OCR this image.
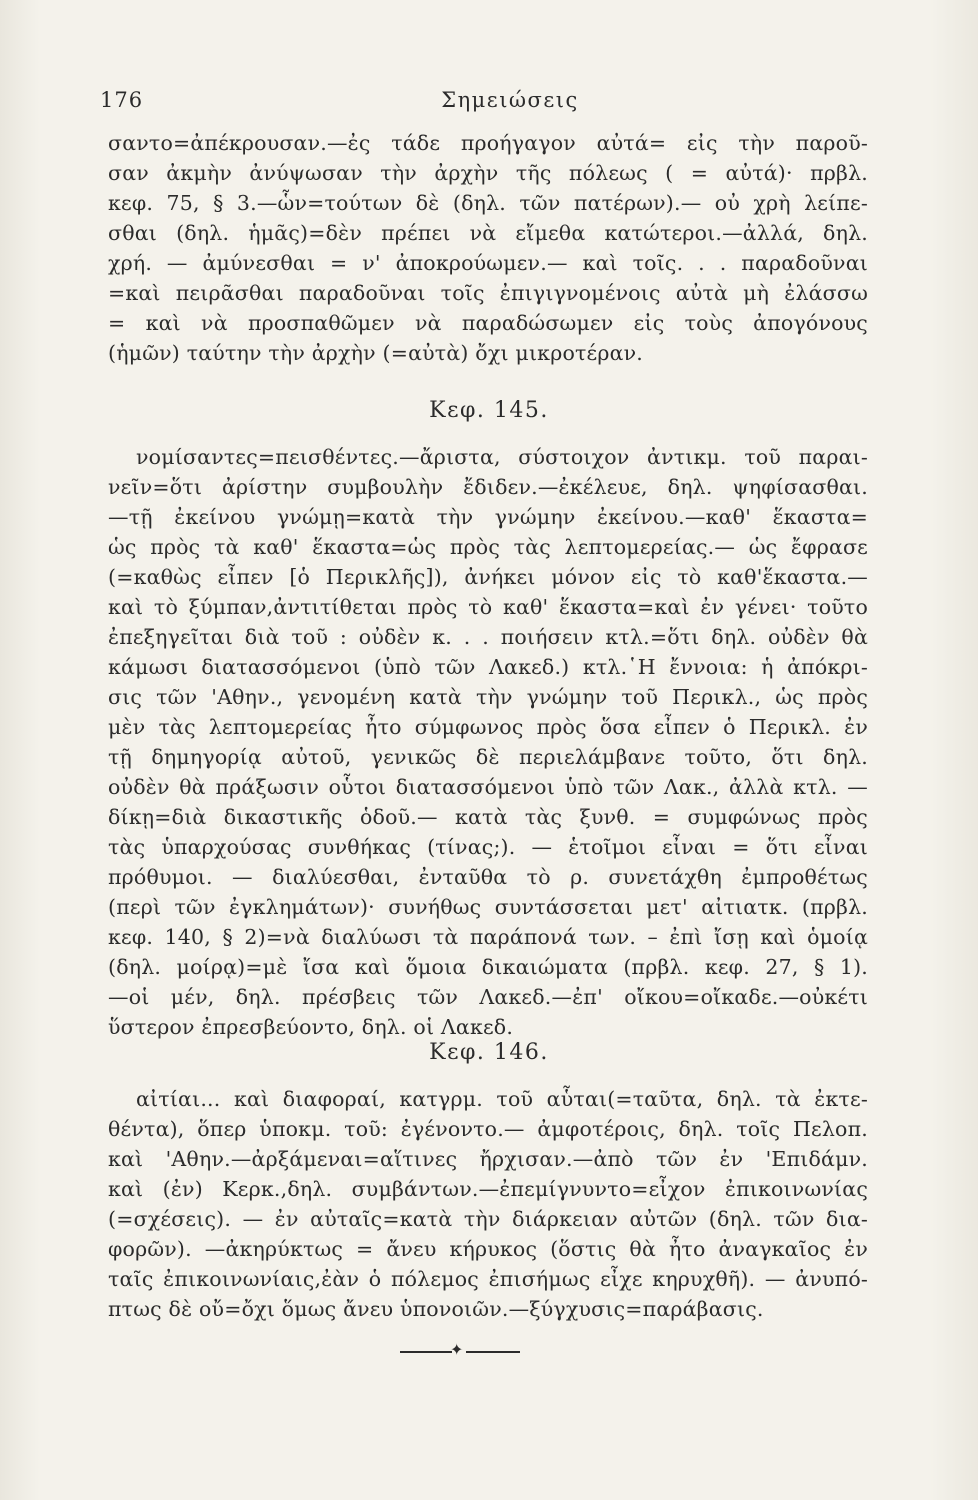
176	Σημειώσεις
σαντο=ἀπέκρουσαν.—ἐς τάδε προήγαγον αὐτά= εἰς τὴν παροῦ-
σαν ἀκμὴν ἀνύψωσαν τὴν ἀρχὴν τῆς πόλεως ( = αὐτά)· πρβλ.
κεφ. 75, § 3.—ὧν=τούτων δὲ (δηλ. τῶν πατέρων).— οὐ χρὴ λείπε-
σθαι (δηλ. ἡμᾶς)=δὲν πρέπει νὰ εἴμεθα κατώτεροι.—ἀλλά, δηλ.
χρή. — ἀμύνεσθαι = ν' ἀποκρούωμεν.— καὶ τοῖς. . . παραδοῦναι
=καὶ πειρᾶσθαι παραδοῦναι τοῖς ἐπιγιγνομένοις αὐτὰ μὴ ἐλάσσω
= καὶ νὰ προσπαθῶμεν νὰ παραδώσωμεν εἰς τοὺς ἀπογόνους
(ἡμῶν) ταύτην τὴν ἀρχὴν (=αὐτὰ) ὄχι μικροτέραν.
Κεφ. 145.
νομίσαντες=πεισθέντες.—ἄριστα, σύστοιχον ἀντικμ. τοῦ παραι-
νεῖν=ὅτι ἀρίστην συμβουλὴν ἔδιδεν.—ἐκέλευε, δηλ. ψηφίσασθαι.
—τῇ ἐκείνου γνώμῃ=κατὰ τὴν γνώμην ἐκείνου.—καθ' ἕκαστα=
ὡς πρὸς τὰ καθ' ἕκαστα=ὡς πρὸς τὰς λεπτομερείας.— ὡς ἔφρασε
(=καθὼς εἶπεν [ὁ Περικλῆς]), ἀνήκει μόνον εἰς τὸ καθ'ἕκαστα.—
καὶ τὸ ξύμπαν,ἀντιτίθεται πρὸς τὸ καθ' ἕκαστα=καὶ ἐν γένει· τοῦτο
ἐπεξηγεῖται διὰ τοῦ : οὐδὲν κ. . . ποιήσειν κτλ.=ὅτι δηλ. οὐδὲν θὰ
κάμωσι διατασσόμενοι (ὑπὸ τῶν Λακεδ.) κτλ.῾Η ἔννοια: ἡ ἀπόκρι-
σις τῶν 'Αθην., γενομένη κατὰ τὴν γνώμην τοῦ Περικλ., ὡς πρὸς
μὲν τὰς λεπτομερείας ἦτο σύμφωνος πρὸς ὅσα εἶπεν ὁ Περικλ. ἐν
τῇ δημηγορίᾳ αὐτοῦ, γενικῶς δὲ περιελάμβανε τοῦτο, ὅτι δηλ.
οὐδὲν θὰ πράξωσιν οὗτοι διατασσόμενοι ὑπὸ τῶν Λακ., ἀλλὰ κτλ. —
δίκῃ=διὰ δικαστικῆς ὁδοῦ.— κατὰ τὰς ξυνθ. = συμφώνως πρὸς
τὰς ὑπαρχούσας συνθήκας (τίνας;). — ἑτοῖμοι εἶναι = ὅτι εἶναι
πρόθυμοι. — διαλύεσθαι, ἐνταῦθα τὸ ρ. συνετάχθη ἐμπροθέτως
(περὶ τῶν ἐγκλημάτων)· συνήθως συντάσσεται μετ' αἰτιατκ. (πρβλ.
κεφ. 140, § 2)=νὰ διαλύωσι τὰ παράπονά των. – ἐπὶ ἴσῃ καὶ ὁμοίᾳ
(δηλ. μοίρᾳ)=μὲ ἴσα καὶ ὅμοια δικαιώματα (πρβλ. κεφ. 27, § 1).
—οἱ μέν, δηλ. πρέσβεις τῶν Λακεδ.—ἐπ' οἴκου=οἴκαδε.—οὐκέτι
ὕστερον ἐπρεσβεύοντο, δηλ. οἱ Λακεδ.
Κεφ. 146.
αἰτίαι... καὶ διαφοραί, κατγρμ. τοῦ αὗται(=ταῦτα, δηλ. τὰ ἐκτε-
θέντα), ὅπερ ὑποκμ. τοῦ: ἐγένοντο.— ἀμφοτέροις, δηλ. τοῖς Πελοπ.
καὶ 'Αθην.—ἀρξάμεναι=αἵτινες ἤρχισαν.—ἀπὸ τῶν ἐν 'Επιδάμν.
καὶ (ἐν) Κερκ.,δηλ. συμβάντων.—ἐπεμίγνυντο=εἶχον ἐπικοινωνίας
(=σχέσεις). — ἐν αὐταῖς=κατὰ τὴν διάρκειαν αὐτῶν (δηλ. τῶν δια-
φορῶν). —ἀκηρύκτως = ἄνευ κήρυκος (ὅστις θὰ ἦτο ἀναγκαῖος ἐν
ταῖς ἐπικοινωνίαις,ἐὰν ὁ πόλεμος ἐπισήμως εἶχε κηρυχθῆ). — ἀνυπό-
πτως δὲ οὔ=ὄχι ὅμως ἄνευ ὑπονοιῶν.—ξύγχυσις=παράβασις.
✦
